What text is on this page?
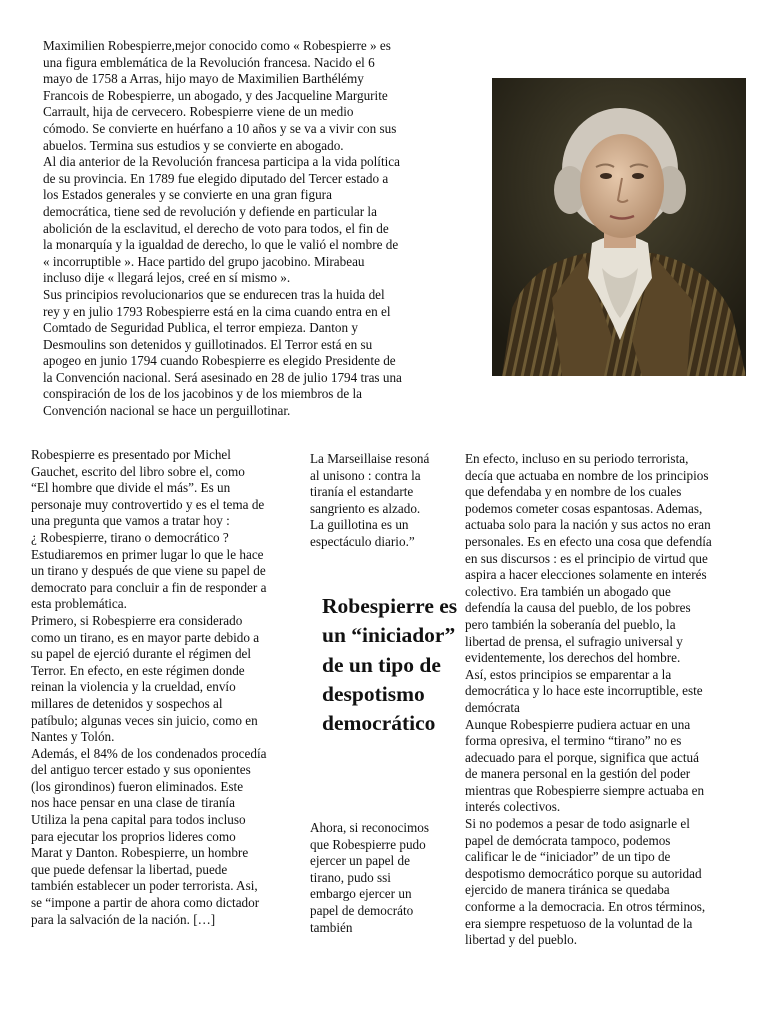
Maximilien Robespierre,mejor conocido como « Robespierre » es
una figura emblemática de la Revolución francesa. Nacido el 6
mayo de 1758 a Arras, hijo mayo de Maximilien Barthélémy
Francois de Robespierre, un abogado, y des Jacqueline Margurite
Carrault, hija de cervecero. Robespierre viene de un medio
cómodo. Se convierte en huérfano a 10 años y se va a vivir con sus
abuelos. Termina sus estudios y se convierte en abogado.
Al dia anterior de la Revolución francesa participa a la vida política
de su provincia. En 1789 fue elegido diputado del Tercer estado a
los Estados generales y se convierte en una gran figura
democrática, tiene sed de revolución y defiende en particular la
abolición de la esclavitud, el derecho de voto para todos, el fin de
la monarquía y la igualdad de derecho, lo que le valió el nombre de
« incorruptible ». Hace partido del grupo jacobino. Mirabeau
incluso dije « llegará lejos, creé en sí mismo ».
Sus principios revolucionarios que se endurecen tras la huida del
rey y en julio 1793 Robespierre está en la cima cuando entra en el
Comtado de Seguridad Publica, el terror empieza. Danton y
Desmoulins son detenidos y guillotinados. El Terror está en su
apogeo en junio 1794 cuando Robespierre es elegido Presidente de
la Convención nacional. Será asesinado en 28 de julio 1794 tras una
conspiración de los de los jacobinos y de los miembros de la
Convención nacional se hace un perguillotinar.

Robespierre es presentado por Michel
Gauchet, escrito del libro sobre el, como
“El hombre que divide el más”. Es un
personaje muy controvertido y es el tema de
una pregunta que vamos a tratar hoy :
¿ Robespierre, tirano o democrático ?
Estudiaremos en primer lugar lo que le hace
un tirano y después de que viene su papel de
democrato para concluir a fin de responder a
esta problemática.
Primero, si Robespierre era considerado
como un tirano, es en mayor parte debido a
su papel de ejerció durante el régimen del
Terror. En efecto, en este régimen donde
reinan la violencia y la crueldad, envío
millares de detenidos y sospechos al
patíbulo; algunas veces sin juicio, como en
Nantes y Tolón.
Además, el 84% de los condenados procedía
del antiguo tercer estado y sus oponientes
(los girondinos) fueron eliminados. Este
nos hace pensar en una clase de tiranía
Utiliza la pena capital para todos incluso
para ejecutar los proprios lideres como
Marat y Danton. Robespierre, un hombre
que puede defensar la libertad, puede
también establecer un poder terrorista. Asi,
se “impone a partir de ahora como dictador
para la salvación de la nación. […]

La Marseillaise resoná
al unisono : contra la
tiranía el estandarte
sangriento es alzado.
La guillotina es un
espectáculo diario.”

Robespierre es un “iniciador” de un tipo de despotismo democrático

Ahora, si reconocimos
que Robespierre pudo
ejercer un papel de
tirano, pudo ssi
embargo ejercer un
papel de democráto
también

En efecto, incluso en su periodo terrorista,
decía que actuaba en nombre de los principios
que defendaba y en nombre de los cuales
podemos cometer cosas espantosas. Ademas,
actuaba solo para la nación y sus actos no eran
personales. Es en efecto una cosa que defendía
en sus discursos : es el principio de virtud que
aspira a hacer elecciones solamente en interés
colectivo. Era también un abogado que
defendía la causa del pueblo, de los pobres
pero también la soberanía del pueblo, la
libertad de prensa, el sufragio universal y
evidentemente, los derechos del hombre.
Así, estos principios se emparentar a la
democrática y lo hace este incorruptible, este
demócrata
Aunque Robespierre pudiera actuar en una
forma opresiva, el termino “tirano” no es
adecuado para el porque, significa que actuá
de manera personal en la gestión del poder
mientras que Robespierre siempre actuaba en
interés colectivos.
Si no podemos a pesar de todo asignarle el
papel de demócrata tampoco, podemos
calificar le de “iniciador” de un tipo de
despotismo democrático porque su autoridad
ejercido de manera tiránica se quedaba
conforme a la democracia. En otros términos,
era siempre respetuoso de la voluntad de la
libertad y del pueblo.
